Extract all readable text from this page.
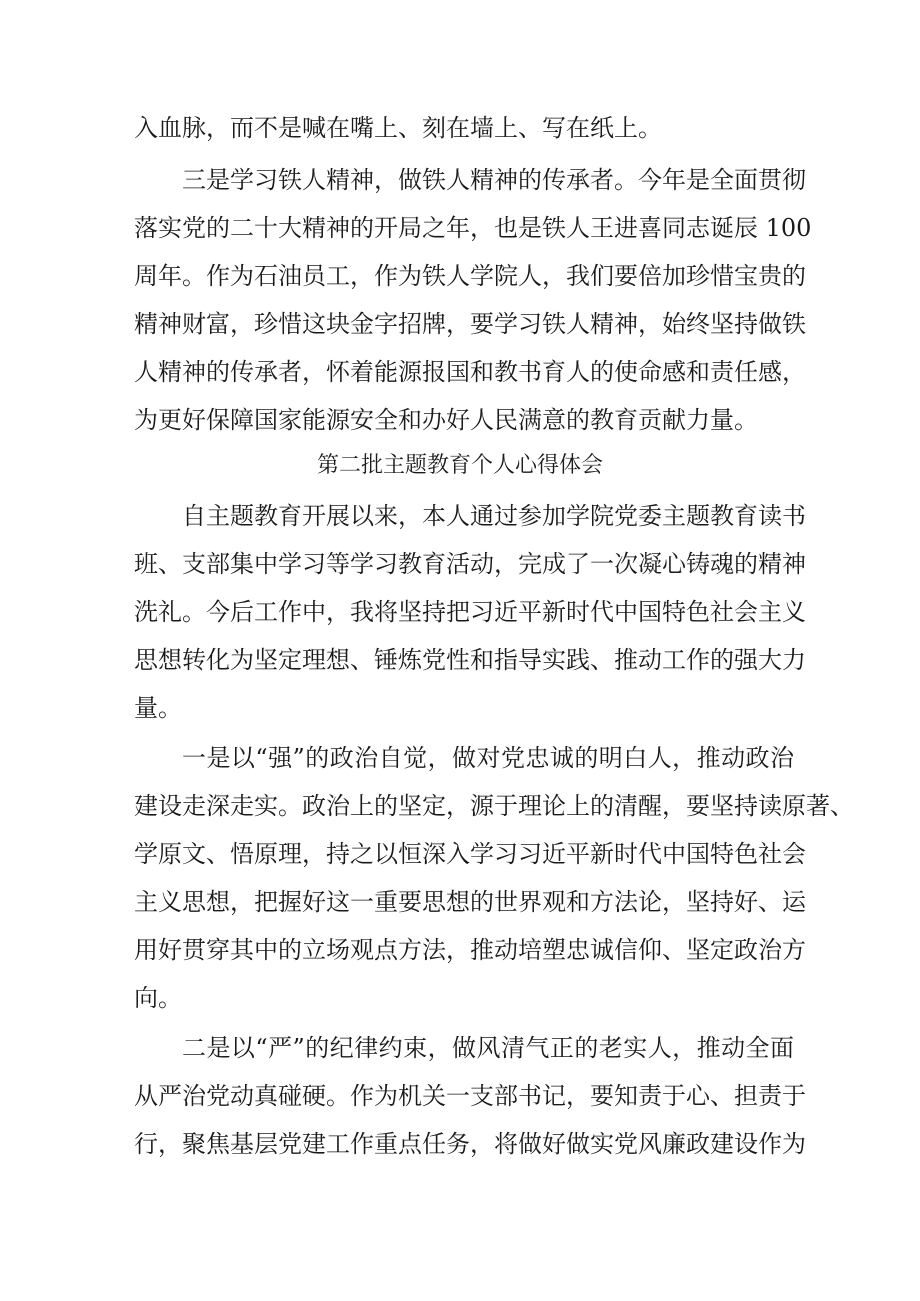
入血脉，而不是喊在嘴上、刻在墙上、写在纸上。
三是学习铁人精神，做铁人精神的传承者。今年是全面贯彻
落实党的二十大精神的开局之年，也是铁人王进喜同志诞辰 100
周年。作为石油员工，作为铁人学院人，我们要倍加珍惜宝贵的
精神财富，珍惜这块金字招牌，要学习铁人精神，始终坚持做铁
人精神的传承者，怀着能源报国和教书育人的使命感和责任感，
为更好保障国家能源安全和办好人民满意的教育贡献力量。
第二批主题教育个人心得体会
自主题教育开展以来，本人通过参加学院党委主题教育读书
班、支部集中学习等学习教育活动，完成了一次凝心铸魂的精神
洗礼。今后工作中，我将坚持把习近平新时代中国特色社会主义
思想转化为坚定理想、锤炼党性和指导实践、推动工作的强大力
量。
一是以“强”的政治自觉，做对党忠诚的明白人，推动政治
建设走深走实。政治上的坚定，源于理论上的清醒，要坚持读原著、
学原文、悟原理，持之以恒深入学习习近平新时代中国特色社会
主义思想，把握好这一重要思想的世界观和方法论，坚持好、运
用好贯穿其中的立场观点方法，推动培塑忠诚信仰、坚定政治方
向。
二是以“严”的纪律约束，做风清气正的老实人，推动全面
从严治党动真碰硬。作为机关一支部书记，要知责于心、担责于
行，聚焦基层党建工作重点任务，将做好做实党风廉政建设作为
